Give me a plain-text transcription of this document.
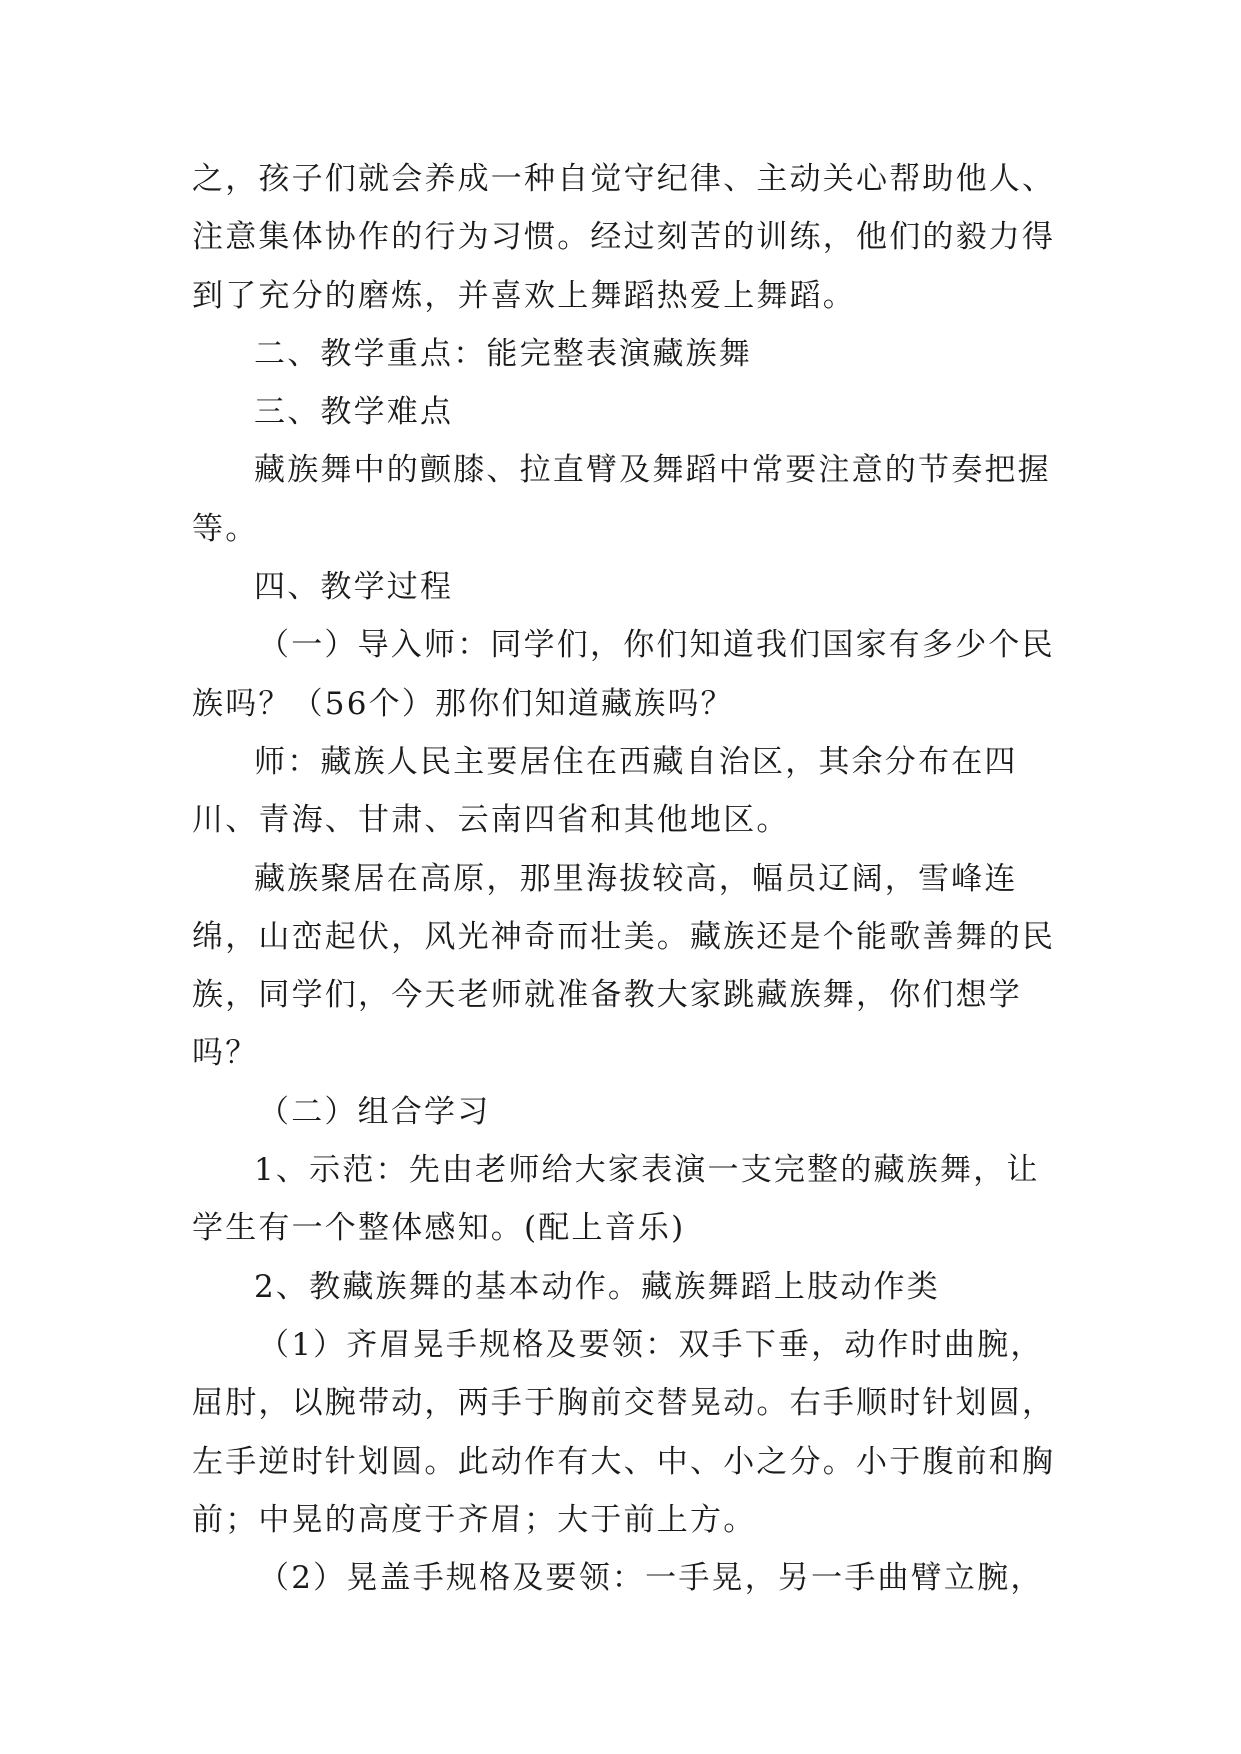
之，孩子们就会养成一种自觉守纪律、主动关心帮助他人、注意集体协作的行为习惯。经过刻苦的训练，他们的毅力得到了充分的磨炼，并喜欢上舞蹈热爱上舞蹈。

二、教学重点：能完整表演藏族舞

三、教学难点

藏族舞中的颤膝、拉直臂及舞蹈中常要注意的节奏把握等。

四、教学过程

（一）导入师：同学们，你们知道我们国家有多少个民族吗？（56个）那你们知道藏族吗？

师：藏族人民主要居住在西藏自治区，其余分布在四川、青海、甘肃、云南四省和其他地区。

藏族聚居在高原，那里海拔较高，幅员辽阔，雪峰连绵，山峦起伏，风光神奇而壮美。藏族还是个能歌善舞的民族，同学们，今天老师就准备教大家跳藏族舞，你们想学吗？

（二）组合学习

1、示范：先由老师给大家表演一支完整的藏族舞，让学生有一个整体感知。(配上音乐)

2、教藏族舞的基本动作。藏族舞蹈上肢动作类

（1）齐眉晃手规格及要领：双手下垂，动作时曲腕，屈肘，以腕带动，两手于胸前交替晃动。右手顺时针划圆，左手逆时针划圆。此动作有大、中、小之分。小于腹前和胸前；中晃的高度于齐眉；大于前上方。

（2）晃盖手规格及要领：一手晃，另一手曲臂立腕，
